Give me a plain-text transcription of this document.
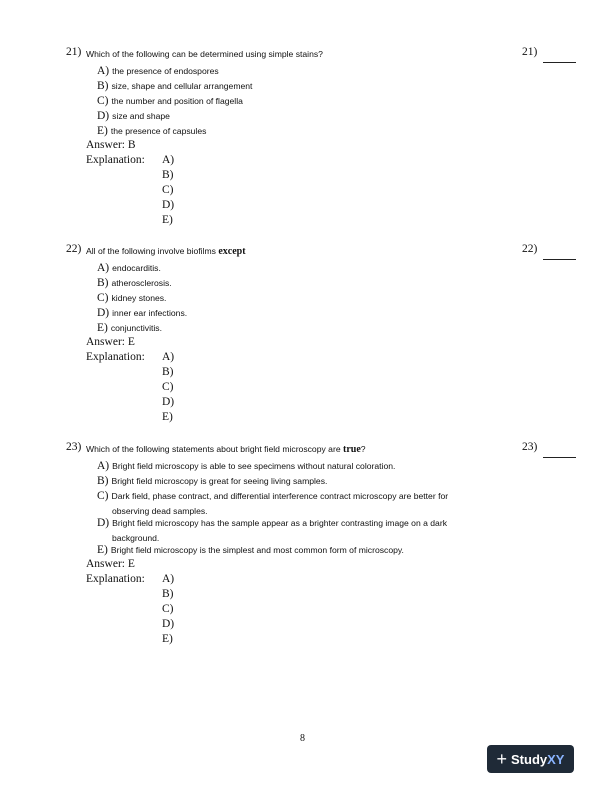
21) Which of the following can be determined using simple stains?	21)
A) the presence of endospores
B) size, shape and cellular arrangement
C) the number and position of flagella
D) size and shape
E) the presence of capsules
Answer: B
Explanation: A)
B)
C)
D)
E)
22) All of the following involve biofilms except	22)
A) endocarditis.
B) atherosclerosis.
C) kidney stones.
D) inner ear infections.
E) conjunctivitis.
Answer: E
Explanation: A)
B)
C)
D)
E)
23) Which of the following statements about bright field microscopy are true?	23)
A) Bright field microscopy is able to see specimens without natural coloration.
B) Bright field microscopy is great for seeing living samples.
C) Dark field, phase contract, and differential interference contract microscopy are better for
observing dead samples.
D) Bright field microscopy has the sample appear as a brighter contrasting image on a dark
background.
E) Bright field microscopy is the simplest and most common form of microscopy.
Answer: E
Explanation: A)
B)
C)
D)
E)
8
+ Study XY
